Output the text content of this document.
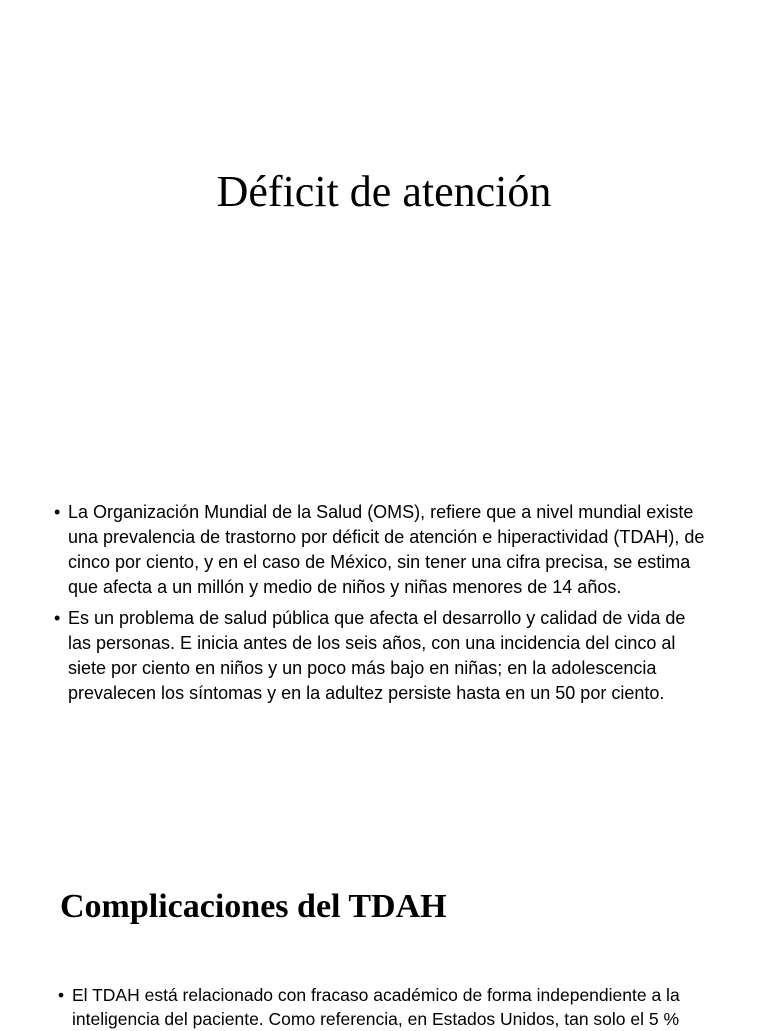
Déficit de atención
• La Organización Mundial de la Salud (OMS), refiere que a nivel mundial existe una prevalencia de trastorno por déficit de atención e hiperactividad (TDAH), de cinco por ciento, y en el caso de México, sin tener una cifra precisa, se estima que afecta a un millón y medio de niños y niñas menores de 14 años.
• Es un problema de salud pública que afecta el desarrollo y calidad de vida de las personas. E inicia antes de los seis años, con una incidencia del cinco al siete por ciento en niños y un poco más bajo en niñas; en la adolescencia prevalecen los síntomas y en la adultez persiste hasta en un 50 por ciento.
Complicaciones del TDAH
• El TDAH está relacionado con fracaso académico de forma independiente a la inteligencia del paciente. Como referencia, en Estados Unidos, tan solo el 5 %
